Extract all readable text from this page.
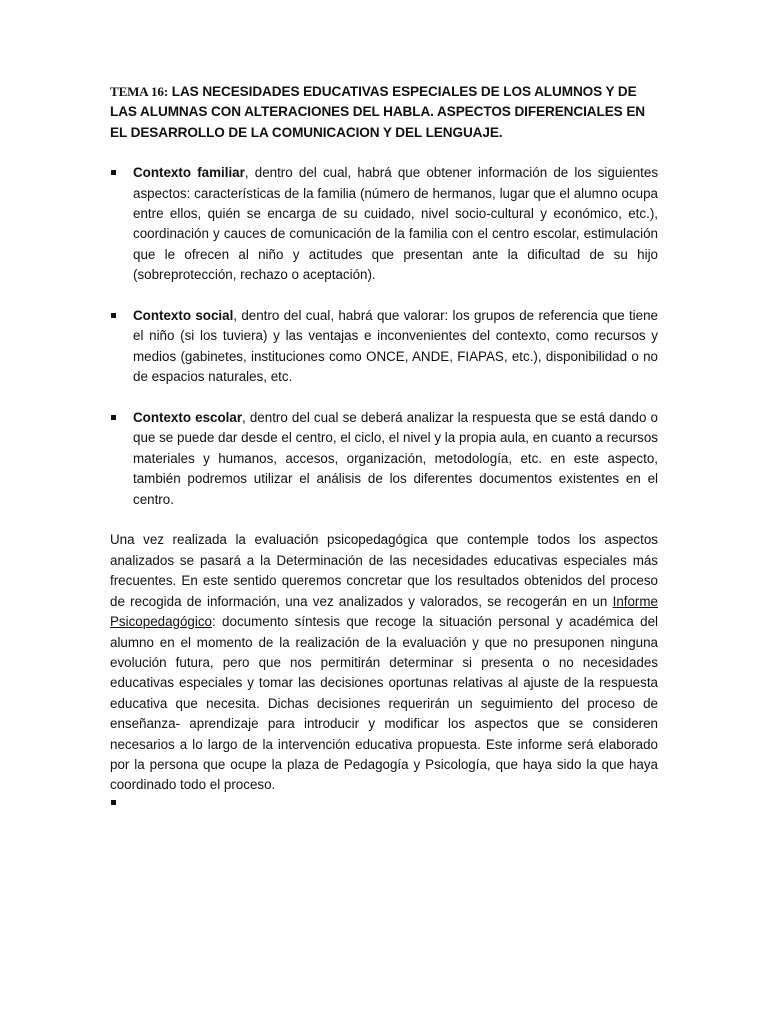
TEMA 16: LAS NECESIDADES EDUCATIVAS ESPECIALES DE LOS ALUMNOS Y DE LAS ALUMNAS CON ALTERACIONES DEL HABLA. ASPECTOS DIFERENCIALES EN EL DESARROLLO DE LA COMUNICACION Y DEL LENGUAJE.
Contexto familiar, dentro del cual, habrá que obtener información de los siguientes aspectos: características de la familia (número de hermanos, lugar que el alumno ocupa entre ellos, quién se encarga de su cuidado, nivel socio-cultural y económico, etc.), coordinación y cauces de comunicación de la familia con el centro escolar, estimulación que le ofrecen al niño y actitudes que presentan ante la dificultad de su hijo (sobreprotección, rechazo o aceptación).
Contexto social, dentro del cual, habrá que valorar: los grupos de referencia que tiene el niño (si los tuviera) y las ventajas e inconvenientes del contexto, como recursos y medios (gabinetes, instituciones como ONCE, ANDE, FIAPAS, etc.), disponibilidad o no de espacios naturales, etc.
Contexto escolar, dentro del cual se deberá analizar la respuesta que se está dando o que se puede dar desde el centro, el ciclo, el nivel y la propia aula, en cuanto a recursos materiales y humanos, accesos, organización, metodología, etc. en este aspecto, también podremos utilizar el análisis de los diferentes documentos existentes en el centro.

Una vez realizada la evaluación psicopedagógica que contemple todos los aspectos analizados se pasará a la Determinación de las necesidades educativas especiales más frecuentes. En este sentido queremos concretar que los resultados obtenidos del proceso de recogida de información, una vez analizados y valorados, se recogerán en un Informe Psicopedagógico: documento síntesis que recoge la situación personal y académica del alumno en el momento de la realización de la evaluación y que no presuponen ninguna evolución futura, pero que nos permitirán determinar si presenta o no necesidades educativas especiales y tomar las decisiones oportunas relativas al ajuste de la respuesta educativa que necesita. Dichas decisiones requerirán un seguimiento del proceso de enseñanza- aprendizaje para introducir y modificar los aspectos que se consideren necesarios a lo largo de la intervención educativa propuesta. Este informe será elaborado por la persona que ocupe la plaza de Pedagogía y Psicología, que haya sido la que haya coordinado todo el proceso.
